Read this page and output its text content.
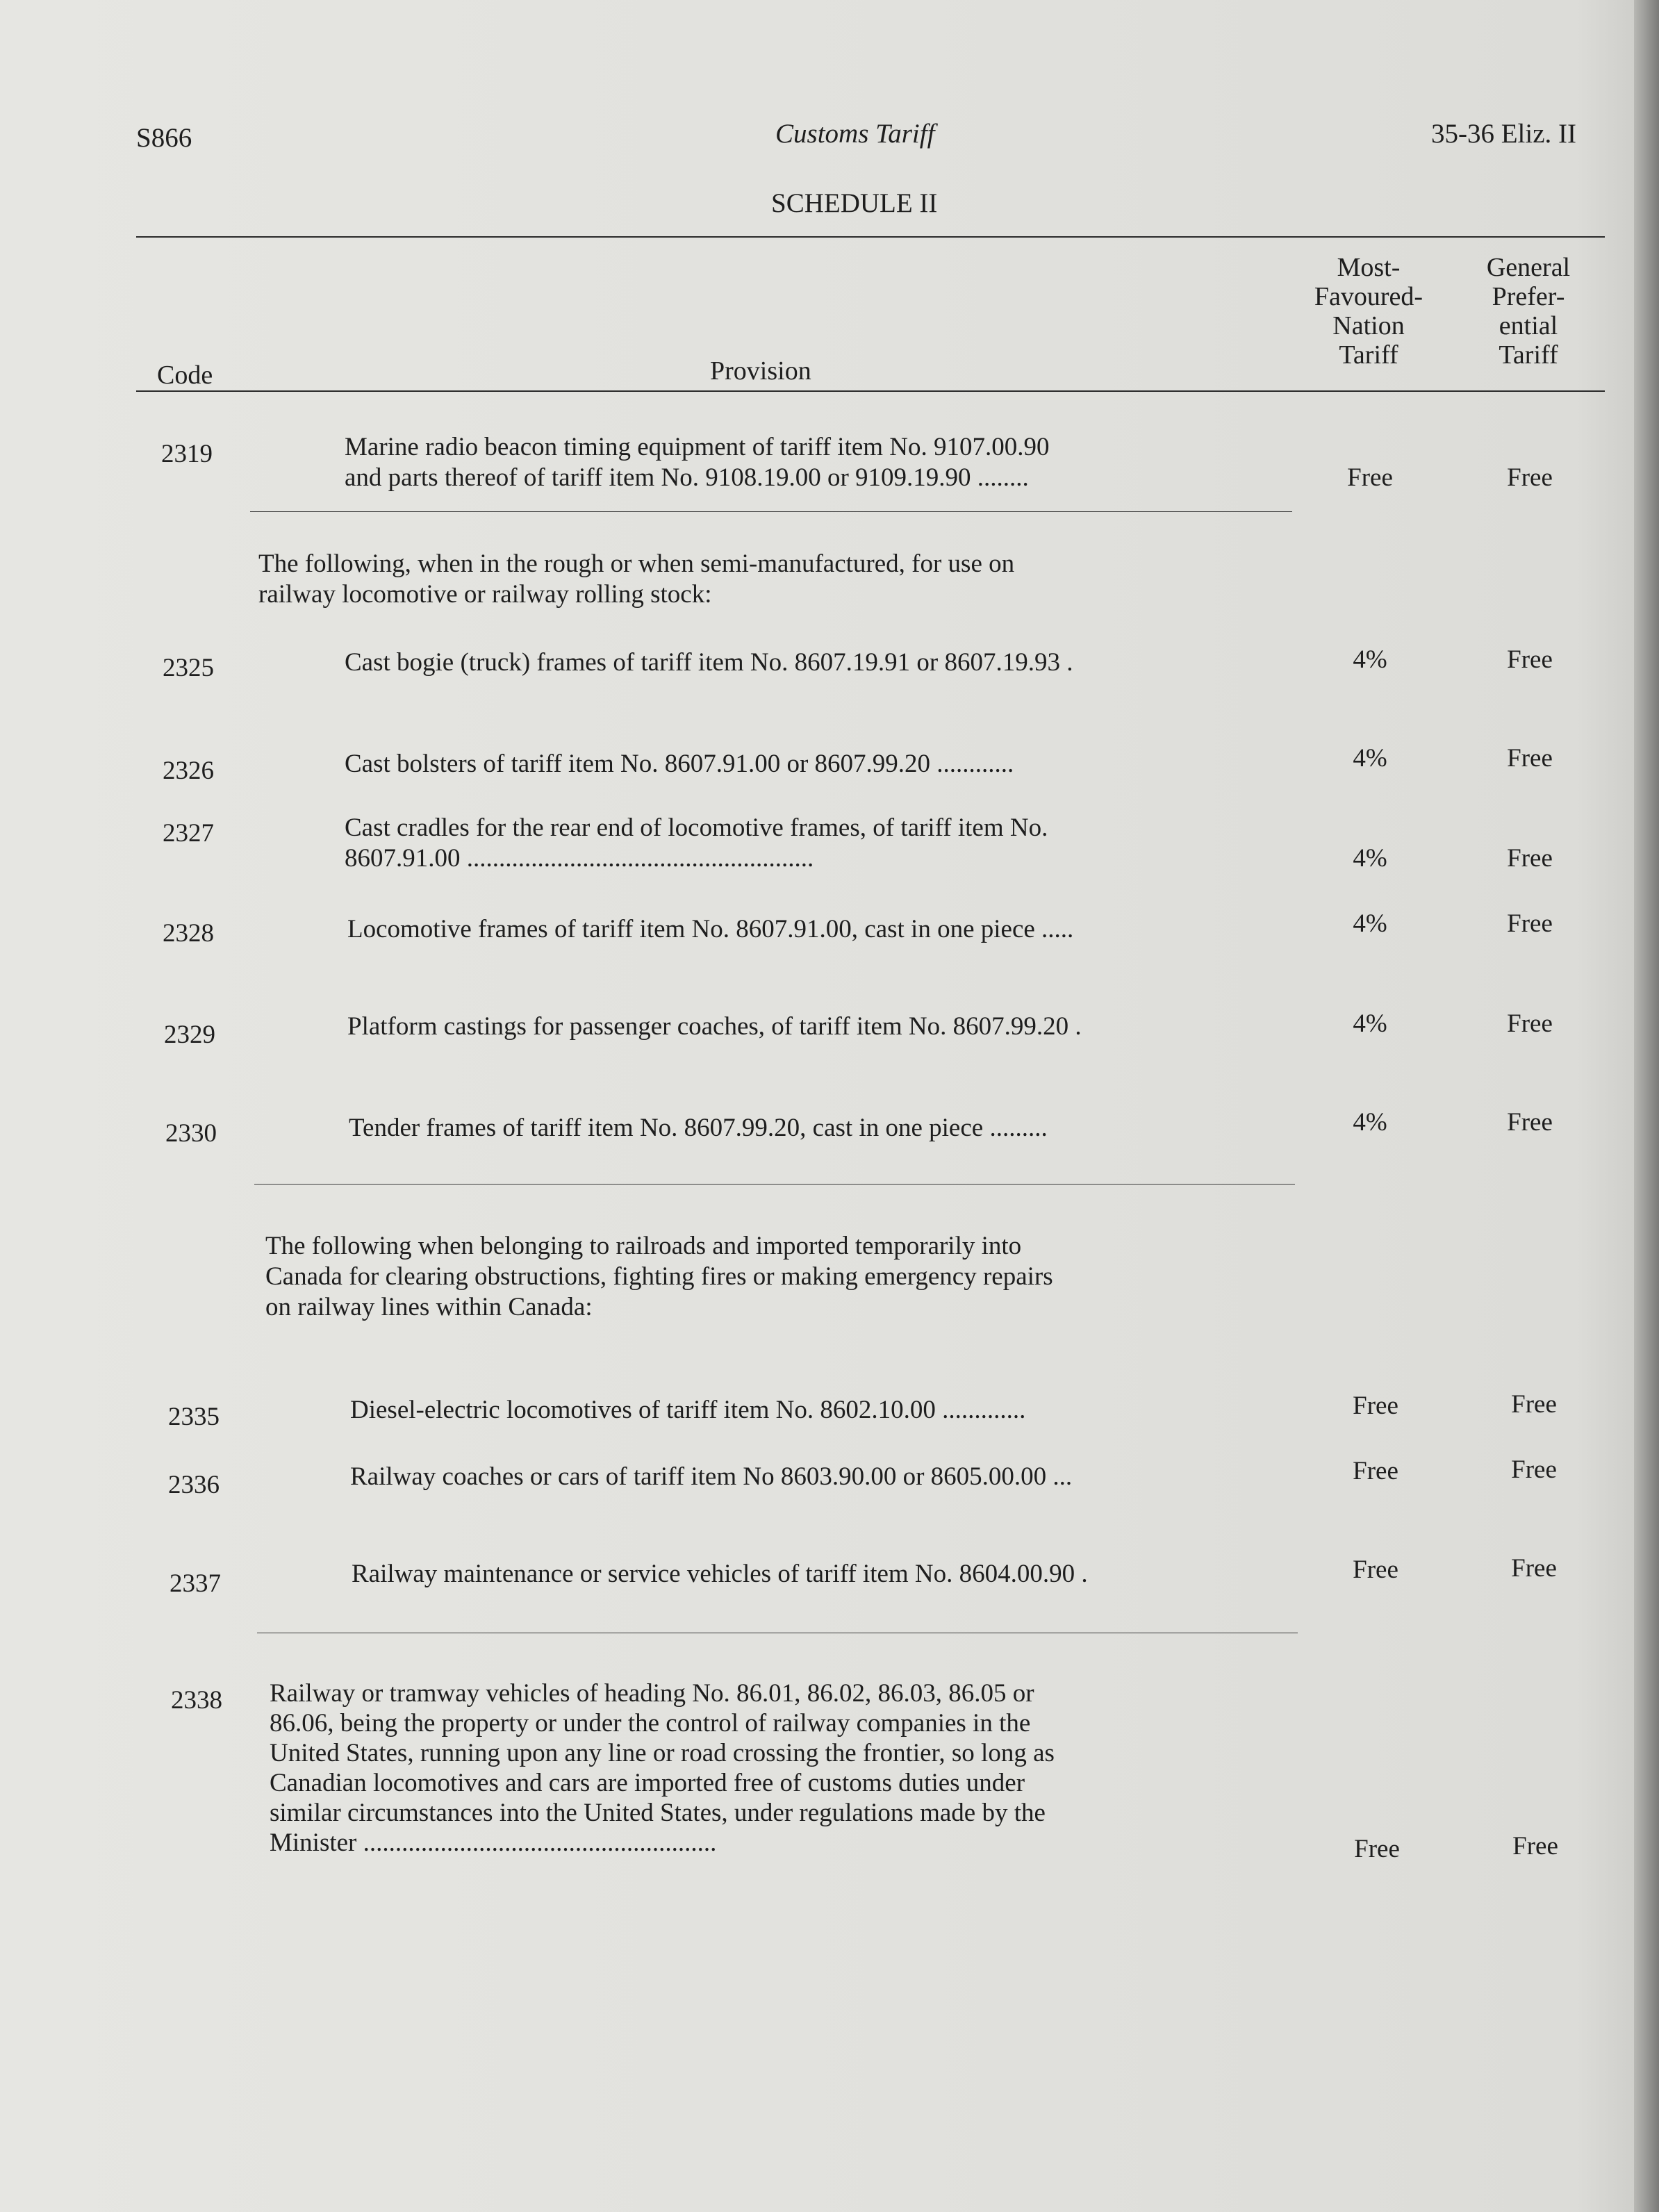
S866	Customs Tariff	35-36 Eliz. II
SCHEDULE II
Code	Provision
Most-
Favoured-
Nation
Tariff
General
Prefer-
ential
Tariff
2319	Marine radio beacon timing equipment of tariff item No. 9107.00.90
and parts thereof of tariff item No. 9108.19.00 or 9109.19.90 ........	Free	Free
The following, when in the rough or when semi-manufactured, for use on
railway locomotive or railway rolling stock:
2325	Cast bogie (truck) frames of tariff item No. 8607.19.91 or 8607.19.93 .	4%	Free
2326	Cast bolsters of tariff item No. 8607.91.00 or 8607.99.20 ............	4%	Free
2327	Cast cradles for the rear end of locomotive frames, of tariff item No.
8607.91.00 ......................................................	4%	Free
2328	Locomotive frames of tariff item No. 8607.91.00, cast in one piece .....	4%	Free
2329	Platform castings for passenger coaches, of tariff item No. 8607.99.20 .	4%	Free
2330	Tender frames of tariff item No. 8607.99.20, cast in one piece .........	4%	Free
The following when belonging to railroads and imported temporarily into
Canada for clearing obstructions, fighting fires or making emergency repairs
on railway lines within Canada:
2335	Diesel-electric locomotives of tariff item No. 8602.10.00 .............	Free	Free
2336	Railway coaches or cars of tariff item No 8603.90.00 or 8605.00.00 ...	Free	Free
2337	Railway maintenance or service vehicles of tariff item No. 8604.00.90 .	Free	Free
2338 Railway or tramway vehicles of heading No. 86.01, 86.02, 86.03, 86.05 or
86.06, being the property or under the control of railway companies in the
United States, running upon any line or road crossing the frontier, so long as
Canadian locomotives and cars are imported free of customs duties under
similar circumstances into the United States, under regulations made by the
Minister .......................................................	Free	Free
